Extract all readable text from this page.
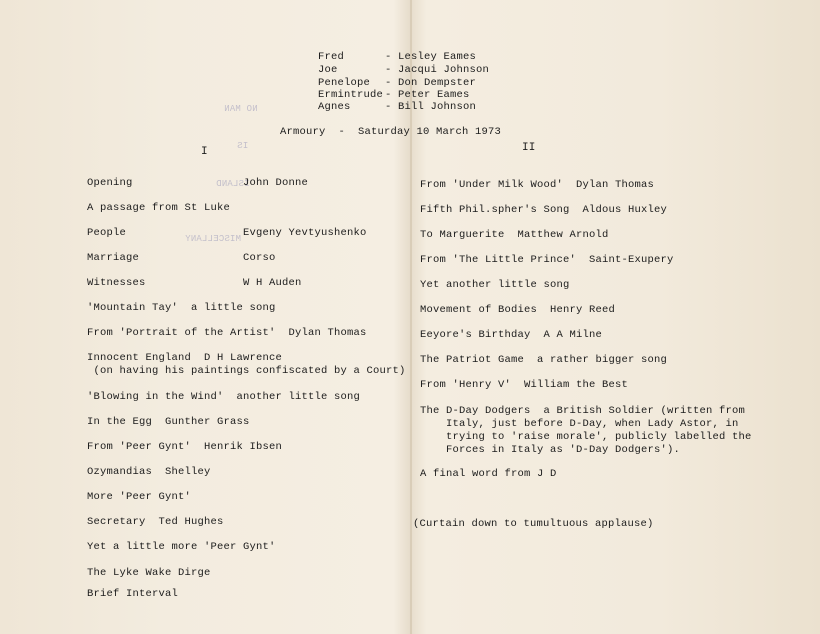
NO MAN
IS
ISLAND
MISCELLANY
Fred	- Lesley Eames
Joe	- Jacqui Johnson
Penelope - Don Dempster
Ermintrude - Peter Eames
Agnes	- Bill Johnson
Armoury  -  Saturday 10 March 1973
I	II
Opening	John Donne
A passage from St Luke
People	Evgeny Yevtyushenko
Marriage	Corso
Witnesses	W H Auden
'Mountain Tay'  a little song
From 'Portrait of the Artist'  Dylan Thomas
Innocent England  D H Lawrence
(on having his paintings confiscated by a Court)
'Blowing in the Wind'  another little song
In the Egg  Gunther Grass
From 'Peer Gynt'  Henrik Ibsen
Ozymandias  Shelley
More 'Peer Gynt'
Secretary  Ted Hughes
Yet a little more 'Peer Gynt'
The Lyke Wake Dirge
Brief Interval
From 'Under Milk Wood'  Dylan Thomas
Fifth Phil.spher's Song  Aldous Huxley
To Marguerite  Matthew Arnold
From 'The Little Prince'  Saint-Exupery
Yet another little song
Movement of Bodies  Henry Reed
Eeyore's Birthday  A A Milne
The Patriot Game  a rather bigger song
From 'Henry V'  William the Best
The D-Day Dodgers  a British Soldier (written from
Italy, just before D-Day, when Lady Astor, in
trying to 'raise morale', publicly labelled the
Forces in Italy as 'D-Day Dodgers').
A final word from J D
(Curtain down to tumultuous applause)
